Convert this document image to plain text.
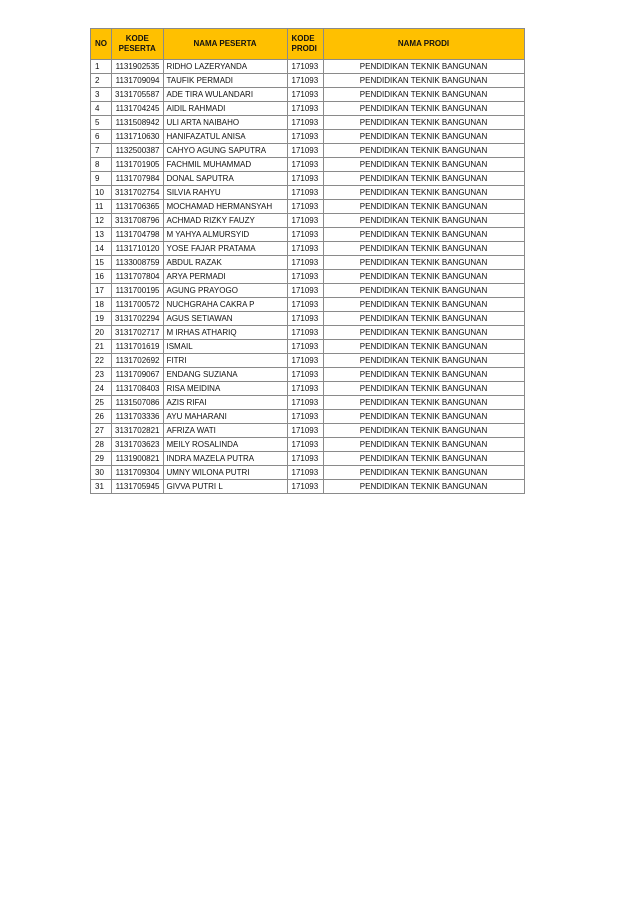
NO	KODE PESERTA	NAMA PESERTA	KODE PRODI	NAMA PRODI
1	1131902535	RIDHO LAZERYANDA	171093	PENDIDIKAN TEKNIK BANGUNAN
2	1131709094	TAUFIK PERMADI	171093	PENDIDIKAN TEKNIK BANGUNAN
3	3131705587	ADE TIRA WULANDARI	171093	PENDIDIKAN TEKNIK BANGUNAN
4	1131704245	AIDIL RAHMADI	171093	PENDIDIKAN TEKNIK BANGUNAN
5	1131508942	ULI ARTA NAIBAHO	171093	PENDIDIKAN TEKNIK BANGUNAN
6	1131710630	HANIFAZATUL ANISA	171093	PENDIDIKAN TEKNIK BANGUNAN
7	1132500387	CAHYO AGUNG SAPUTRA	171093	PENDIDIKAN TEKNIK BANGUNAN
8	1131701905	FACHMIL MUHAMMAD	171093	PENDIDIKAN TEKNIK BANGUNAN
9	1131707984	DONAL SAPUTRA	171093	PENDIDIKAN TEKNIK BANGUNAN
10	3131702754	SILVIA RAHYU	171093	PENDIDIKAN TEKNIK BANGUNAN
11	1131706365	MOCHAMAD HERMANSYAH	171093	PENDIDIKAN TEKNIK BANGUNAN
12	3131708796	ACHMAD RIZKY FAUZY	171093	PENDIDIKAN TEKNIK BANGUNAN
13	1131704798	M YAHYA ALMURSYID	171093	PENDIDIKAN TEKNIK BANGUNAN
14	1131710120	YOSE FAJAR PRATAMA	171093	PENDIDIKAN TEKNIK BANGUNAN
15	1133008759	ABDUL RAZAK	171093	PENDIDIKAN TEKNIK BANGUNAN
16	1131707804	ARYA PERMADI	171093	PENDIDIKAN TEKNIK BANGUNAN
17	1131700195	AGUNG PRAYOGO	171093	PENDIDIKAN TEKNIK BANGUNAN
18	1131700572	NUCHGRAHA CAKRA P	171093	PENDIDIKAN TEKNIK BANGUNAN
19	3131702294	AGUS SETIAWAN	171093	PENDIDIKAN TEKNIK BANGUNAN
20	3131702717	M IRHAS ATHARIQ	171093	PENDIDIKAN TEKNIK BANGUNAN
21	1131701619	ISMAIL	171093	PENDIDIKAN TEKNIK BANGUNAN
22	1131702692	FITRI	171093	PENDIDIKAN TEKNIK BANGUNAN
23	1131709067	ENDANG SUZIANA	171093	PENDIDIKAN TEKNIK BANGUNAN
24	1131708403	RISA MEIDINA	171093	PENDIDIKAN TEKNIK BANGUNAN
25	1131507086	AZIS RIFAI	171093	PENDIDIKAN TEKNIK BANGUNAN
26	1131703336	AYU MAHARANI	171093	PENDIDIKAN TEKNIK BANGUNAN
27	3131702821	AFRIZA WATI	171093	PENDIDIKAN TEKNIK BANGUNAN
28	3131703623	MEILY ROSALINDA	171093	PENDIDIKAN TEKNIK BANGUNAN
29	1131900821	INDRA MAZELA PUTRA	171093	PENDIDIKAN TEKNIK BANGUNAN
30	1131709304	UMNY WILONA PUTRI	171093	PENDIDIKAN TEKNIK BANGUNAN
31	1131705945	GIVVA PUTRI L	171093	PENDIDIKAN TEKNIK BANGUNAN
